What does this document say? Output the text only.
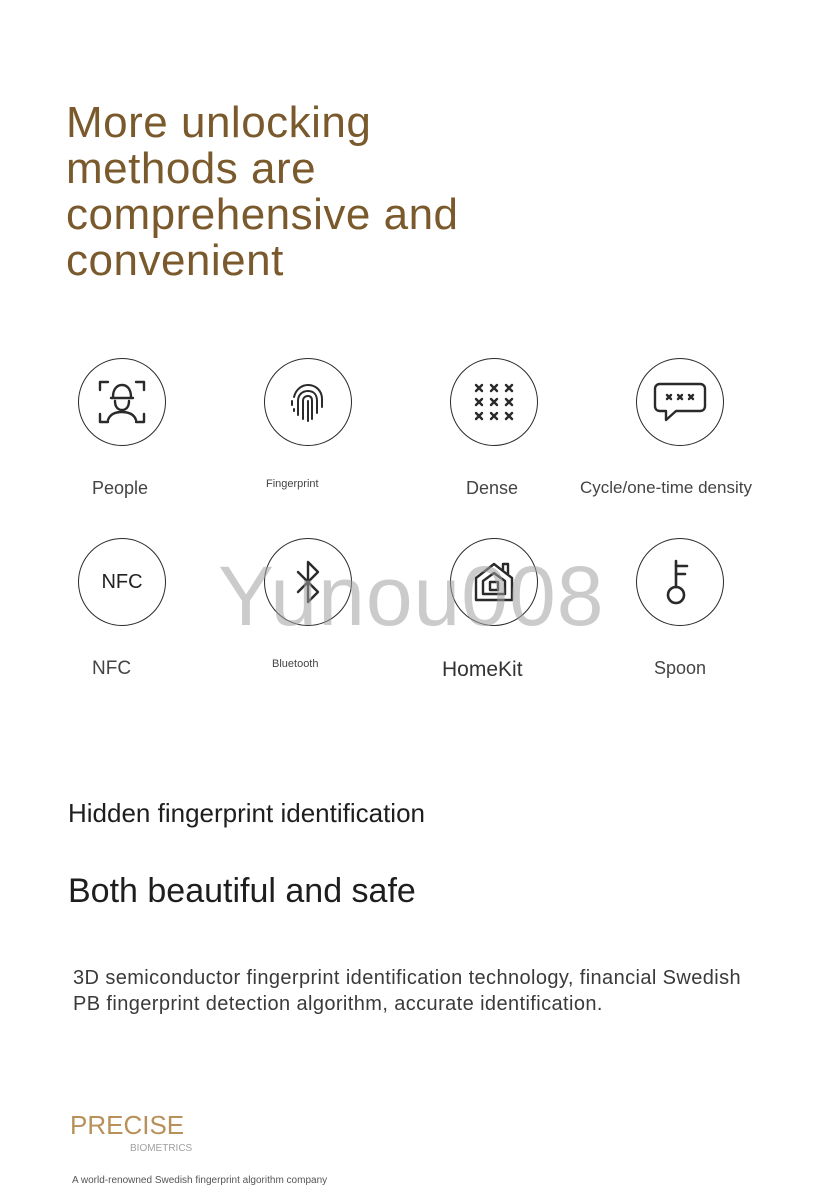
More unlocking
methods are
comprehensive and
convenient
People	Fingerprint	Dense	Cycle/one-time density
NFC
NFC	Bluetooth	HomeKit	Spoon
Yunou008
Hidden fingerprint identification
Both beautiful and safe
3D semiconductor fingerprint identification technology, financial Swedish PB fingerprint detection algorithm, accurate identification.
PRECISE
BIOMETRICS
A world-renowned Swedish fingerprint algorithm company
